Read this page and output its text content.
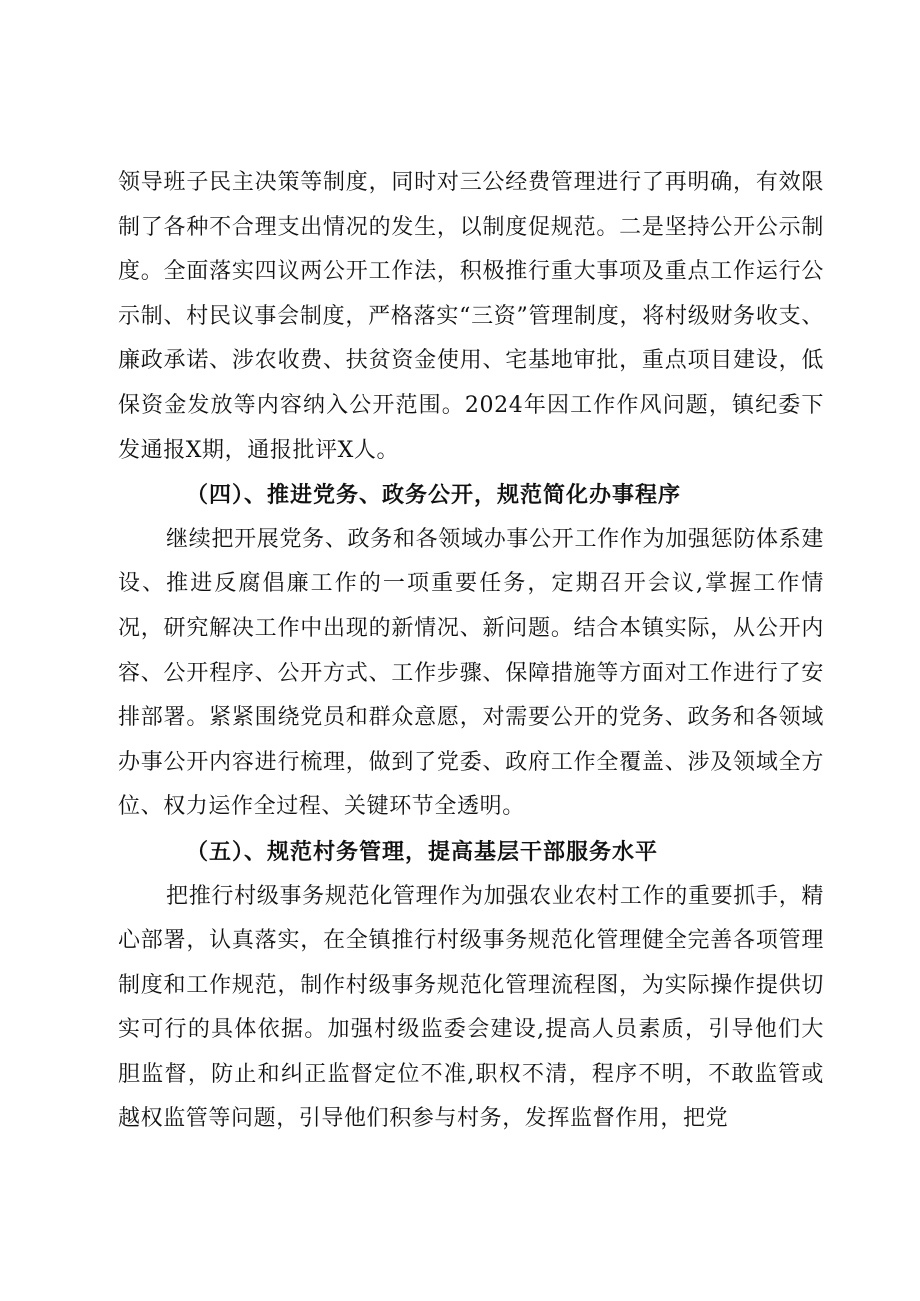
领导班子民主决策等制度，同时对三公经费管理进行了再明确，有效限制了各种不合理支出情况的发生，以制度促规范。二是坚持公开公示制度。全面落实四议两公开工作法，积极推行重大事项及重点工作运行公示制、村民议事会制度，严格落实“三资”管理制度，将村级财务收支、廉政承诺、涉农收费、扶贫资金使用、宅基地审批，重点项目建设，低保资金发放等内容纳入公开范围。2024年因工作作风问题，镇纪委下发通报X期，通报批评X人。

（四）、推进党务、政务公开，规范简化办事程序

继续把开展党务、政务和各领域办事公开工作作为加强惩防体系建设、推进反腐倡廉工作的一项重要任务，定期召开会议,掌握工作情况，研究解决工作中出现的新情况、新问题。结合本镇实际，从公开内容、公开程序、公开方式、工作步骤、保障措施等方面对工作进行了安排部署。紧紧围绕党员和群众意愿，对需要公开的党务、政务和各领域办事公开内容进行梳理，做到了党委、政府工作全覆盖、涉及领域全方位、权力运作全过程、关键环节全透明。

（五）、规范村务管理，提高基层干部服务水平

把推行村级事务规范化管理作为加强农业农村工作的重要抓手，精心部署，认真落实，在全镇推行村级事务规范化管理健全完善各项管理制度和工作规范，制作村级事务规范化管理流程图，为实际操作提供切实可行的具体依据。加强村级监委会建设,提高人员素质，引导他们大胆监督，防止和纠正监督定位不准,职权不清，程序不明，不敢监管或越权监管等问题，引导他们积参与村务，发挥监督作用，把党
